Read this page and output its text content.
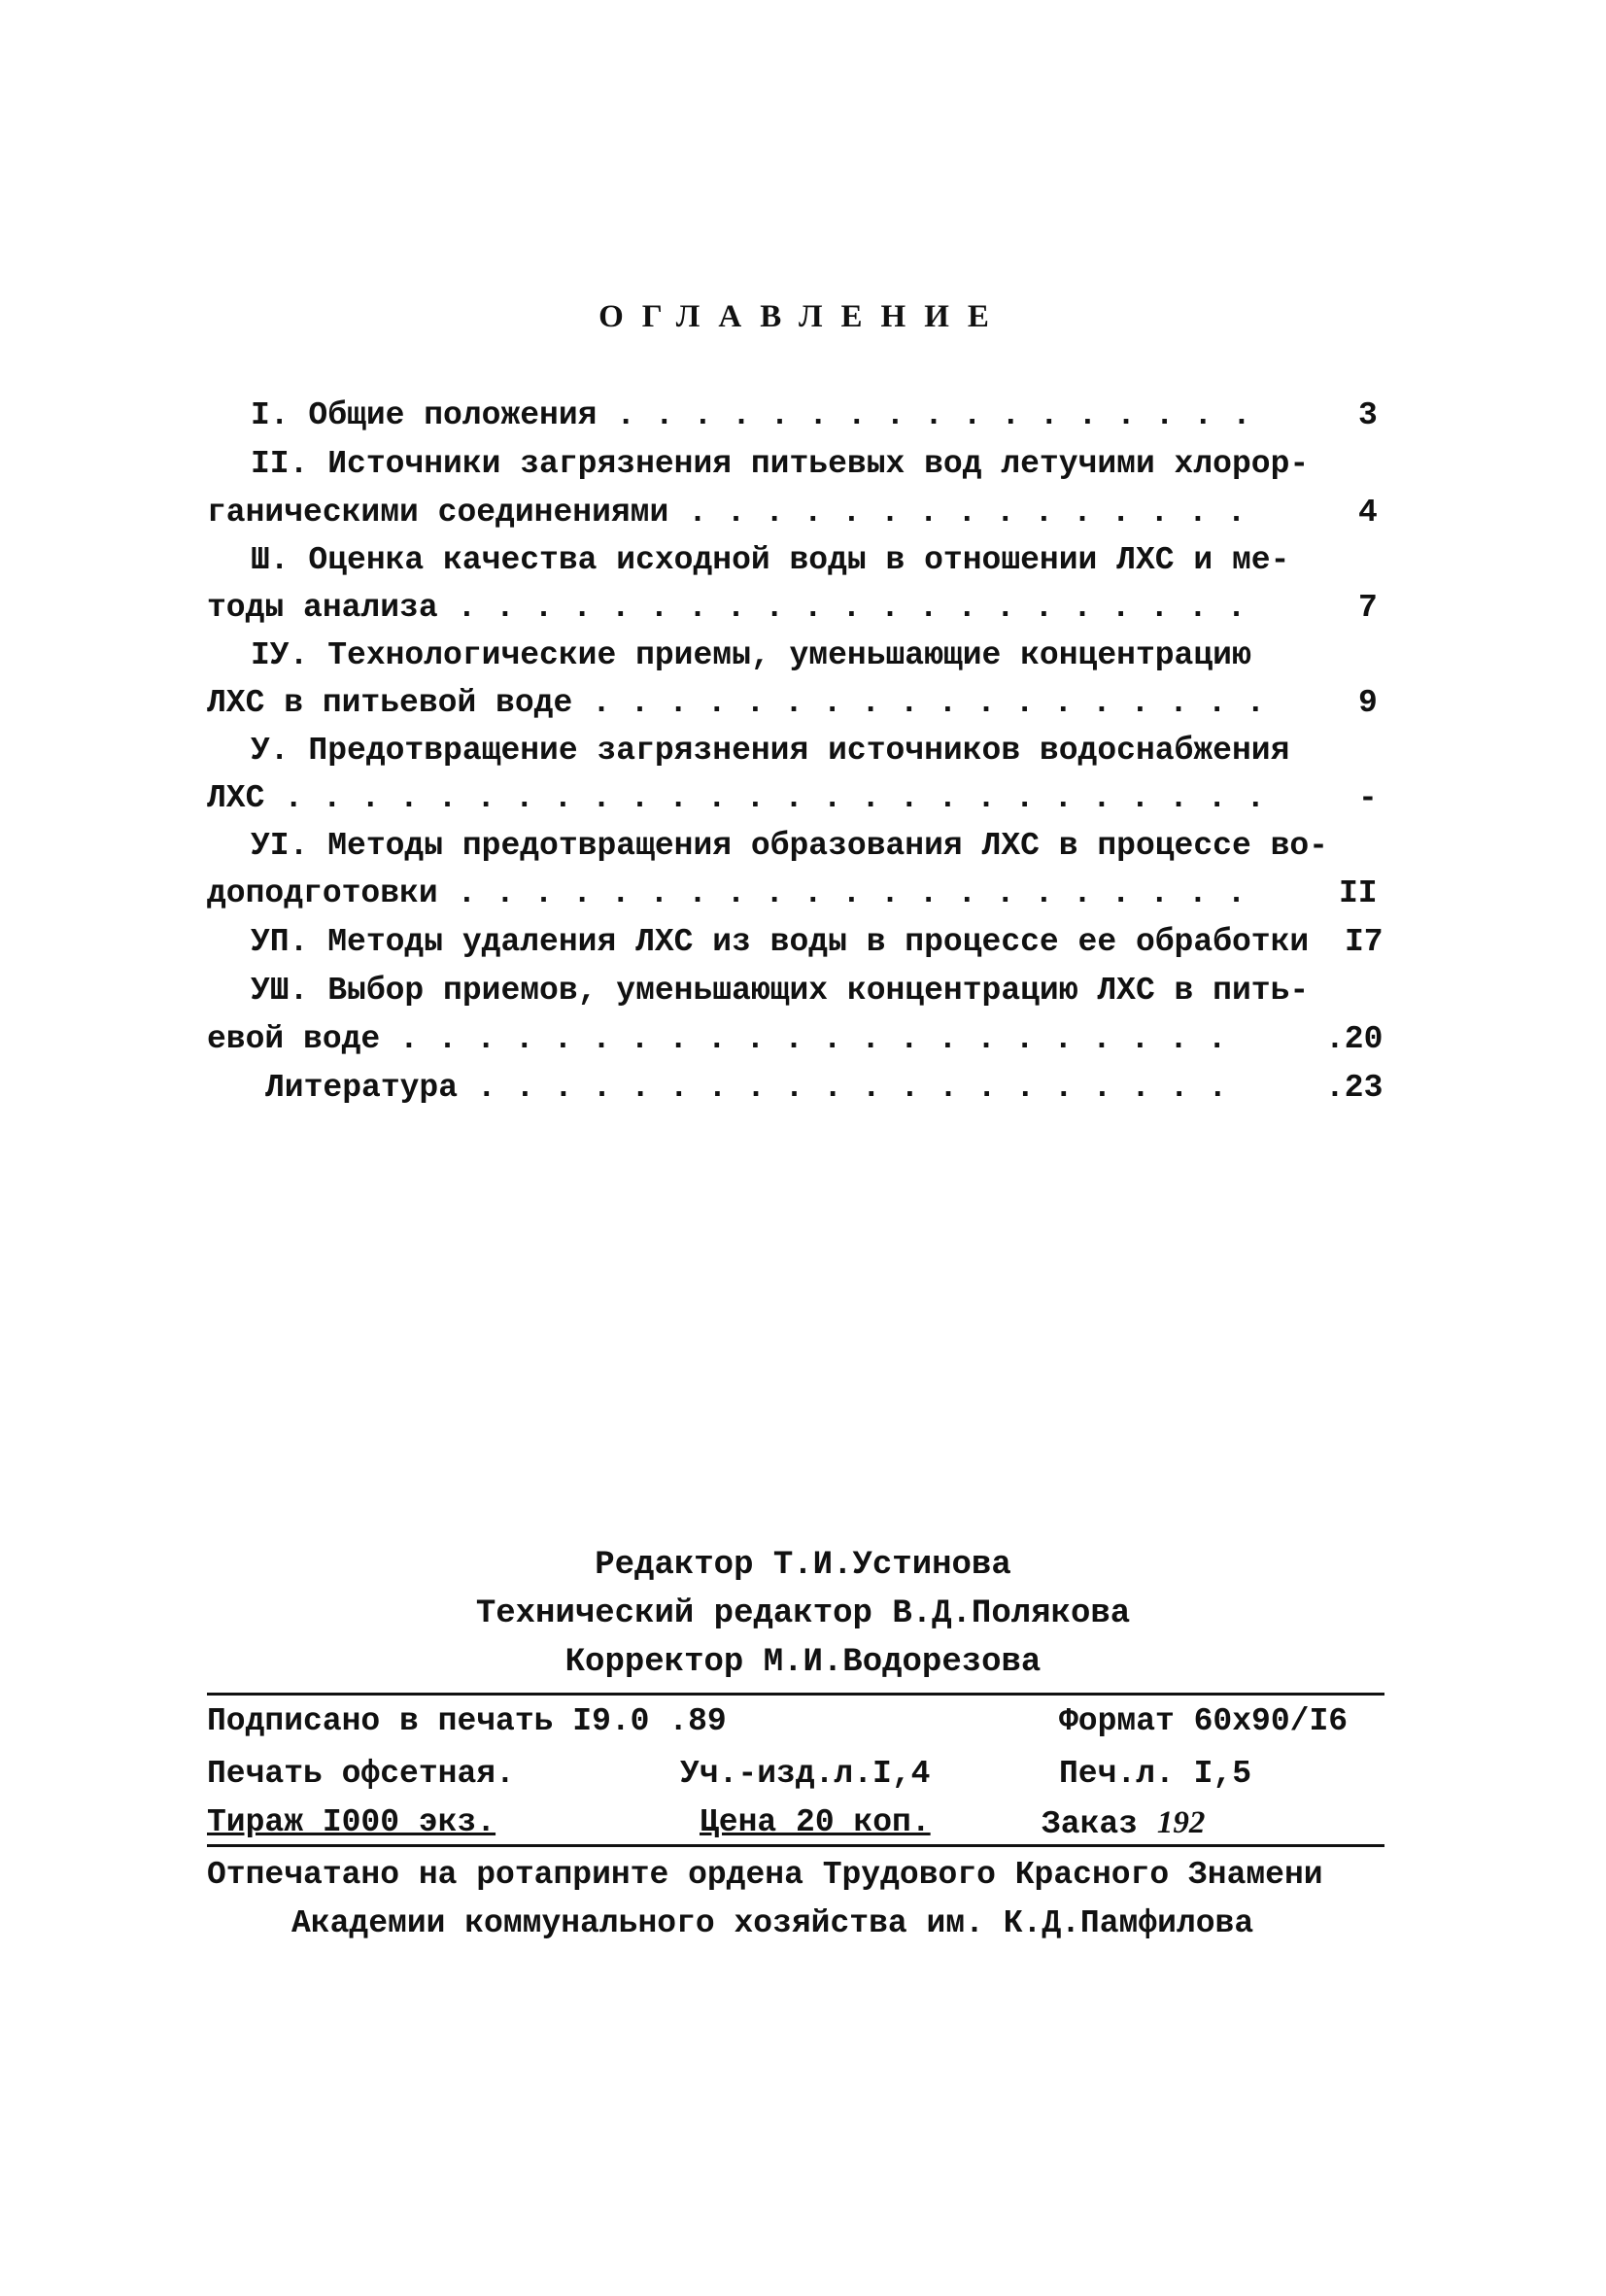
ОГЛАВЛЕНИЕ
I. Общие положения . . . . . . . . . . . . . . . . .	3
II. Источники загрязнения питьевых вод летучими хлорор-
ганическими соединениями . . . . . . . . . . . . . . .	4
Ш. Оценка качества исходной воды в отношении ЛХС и ме-
тоды анализа . . . . . . . . . . . . . . . . . . . . .	7
IУ. Технологические приемы, уменьшающие концентрацию
ЛХС в питьевой воде . . . . . . . . . . . . . . . . . .	9
У. Предотвращение загрязнения источников водоснабжения
ЛХС . . . . . . . . . . . . . . . . . . . . . . . . . .	-
УI. Методы предотвращения образования ЛХС в процессе во-
доподготовки . . . . . . . . . . . . . . . . . . . . .	II
УП. Методы удаления ЛХС из воды в процессе ее обработки I7
УШ. Выбор приемов, уменьшающих концентрацию ЛХС в пить-
евой воде . . . . . . . . . . . . . . . . . . . . . .	.20
Литература . . . . . . . . . . . . . . . . . . . .	.23
Редактор Т.И.Устинова
Технический редактор В.Д.Полякова
Корректор М.И.Водорезова
Подписано в печать I9.0 .89	Формат 60х90/I6
Печать офсетная.	Уч.-изд.л.I,4	Печ.л. I,5
Тираж I000 экз.	Цена 20 коп.	Заказ 192
Отпечатано на ротапринте ордена Трудового Красного Знамени
Академии коммунального хозяйства им. К.Д.Памфилова
